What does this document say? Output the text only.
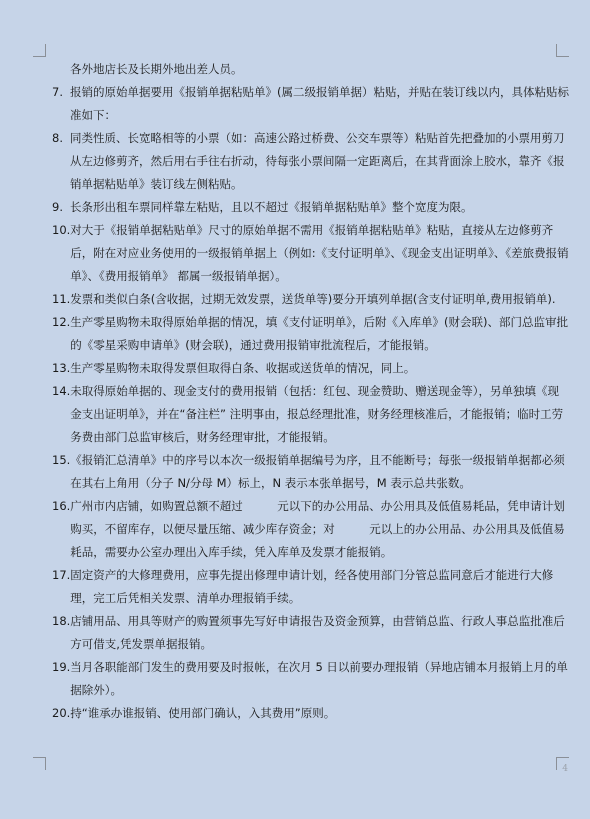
各外地店长及长期外地出差人员。
7. 报销的原始单据要用《报销单据粘贴单》(属二级报销单据）粘贴，并贴在装订线以内，具体粘贴标准如下：
8. 同类性质、长宽略相等的小票（如：高速公路过桥费、公交车票等）粘贴首先把叠加的小票用剪刀从左边修剪齐，然后用右手往右折动，待每张小票间隔一定距离后，在其背面涂上胶水，靠齐《报销单据粘贴单》装订线左侧粘贴。
9. 长条形出租车票同样靠左粘贴，且以不超过《报销单据粘贴单》整个宽度为限。
10. 对大于《报销单据粘贴单》尺寸的原始单据不需用《报销单据粘贴单》粘贴，直接从左边修剪齐后，附在对应业务使用的一级报销单据上（例如:《支付证明单》、《现金支出证明单》、《差旅费报销单》、《费用报销单》 都属一级报销单据）。
11. 发票和类似白条(含收据，过期无效发票，送货单等)要分开填列单据(含支付证明单,费用报销单).
12. 生产零星购物未取得原始单据的情况，填《支付证明单》，后附《入库单》(财会联)、部门总监审批的《零星采购申请单》(财会联)，通过费用报销审批流程后，才能报销。
13. 生产零星购物未取得发票但取得白条、收据或送货单的情况，同上。
14. 未取得原始单据的、现金支付的费用报销（包括：红包、现金赞助、赠送现金等），另单独填《现金支出证明单》，并在“备注栏” 注明事由，报总经理批准，财务经理核准后，才能报销；临时工劳务费由部门总监审核后，财务经理审批，才能报销。
15. 《报销汇总清单》中的序号以本次一级报销单据编号为序，且不能断号；每张一级报销单据都必须在其右上角用（分子 N/分母 M）标上，N 表示本张单据号，M 表示总共张数。
16. 广州市内店铺，如购置总额不超过　　　元以下的办公用品、办公用具及低值易耗品，凭申请计划购买，不留库存，以便尽量压缩、减少库存资金；对　　　元以上的办公用品、办公用具及低值易耗品，需要办公室办理出入库手续，凭入库单及发票才能报销。
17. 固定资产的大修理费用，应事先提出修理申请计划，经各使用部门分管总监同意后才能进行大修理，完工后凭相关发票、清单办理报销手续。
18. 店铺用品、用具等财产的购置须事先写好申请报告及资金预算，由营销总监、行政人事总监批准后方可借支,凭发票单据报销。
19. 当月各职能部门发生的费用要及时报帐，在次月 5 日以前要办理报销（异地店铺本月报销上月的单据除外）。
20. 持“谁承办谁报销、使用部门确认，入其费用”原则。
4
